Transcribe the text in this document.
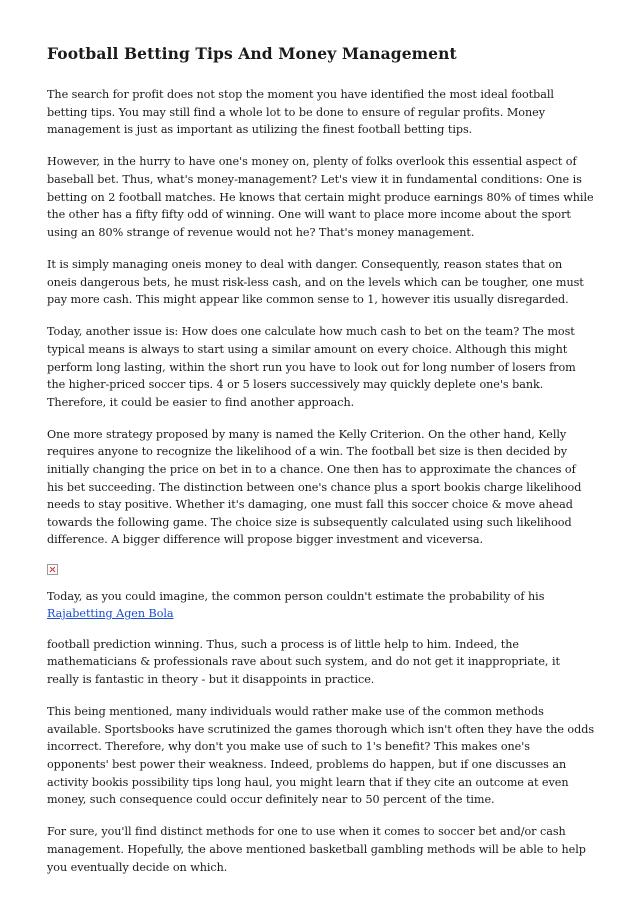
Football Betting Tips And Money Management

The search for profit does not stop the moment you have identified the most ideal football betting tips. You may still find a whole lot to be done to ensure of regular profits. Money management is just as important as utilizing the finest football betting tips.

However, in the hurry to have one's money on, plenty of folks overlook this essential aspect of baseball bet. Thus, what's money-management? Let's view it in fundamental conditions: One is betting on 2 football matches. He knows that certain might produce earnings 80% of times while the other has a fifty fifty odd of winning. One will want to place more income about the sport using an 80% strange of revenue would not he? That's money management.

It is simply managing oneis money to deal with danger. Consequently, reason states that on oneis dangerous bets, he must risk-less cash, and on the levels which can be tougher, one must pay more cash. This might appear like common sense to 1, however itis usually disregarded.

Today, another issue is: How does one calculate how much cash to bet on the team? The most typical means is always to start using a similar amount on every choice. Although this might perform long lasting, within the short run you have to look out for long number of losers from the higher-priced soccer tips. 4 or 5 losers successively may quickly deplete one's bank. Therefore, it could be easier to find another approach.

One more strategy proposed by many is named the Kelly Criterion. On the other hand, Kelly requires anyone to recognize the likelihood of a win. The football bet size is then decided by initially changing the price on bet in to a chance. One then has to approximate the chances of his bet succeeding. The distinction between one's chance plus a sport bookis charge likelihood needs to stay positive. Whether it's damaging, one must fall this soccer choice & move ahead towards the following game. The choice size is subsequently calculated using such likelihood difference. A bigger difference will propose bigger investment and viceversa.

Today, as you could imagine, the common person couldn't estimate the probability of his Rajabetting Agen Bola

football prediction winning. Thus, such a process is of little help to him. Indeed, the mathematicians & professionals rave about such system, and do not get it inappropriate, it really is fantastic in theory - but it disappoints in practice.

This being mentioned, many individuals would rather make use of the common methods available. Sportsbooks have scrutinized the games thorough which isn't often they have the odds incorrect. Therefore, why don't you make use of such to 1's benefit? This makes one's opponents' best power their weakness. Indeed, problems do happen, but if one discusses an activity bookis possibility tips long haul, you might learn that if they cite an outcome at even money, such consequence could occur definitely near to 50 percent of the time.

For sure, you'll find distinct methods for one to use when it comes to soccer bet and/or cash management. Hopefully, the above mentioned basketball gambling methods will be able to help you eventually decide on which.
